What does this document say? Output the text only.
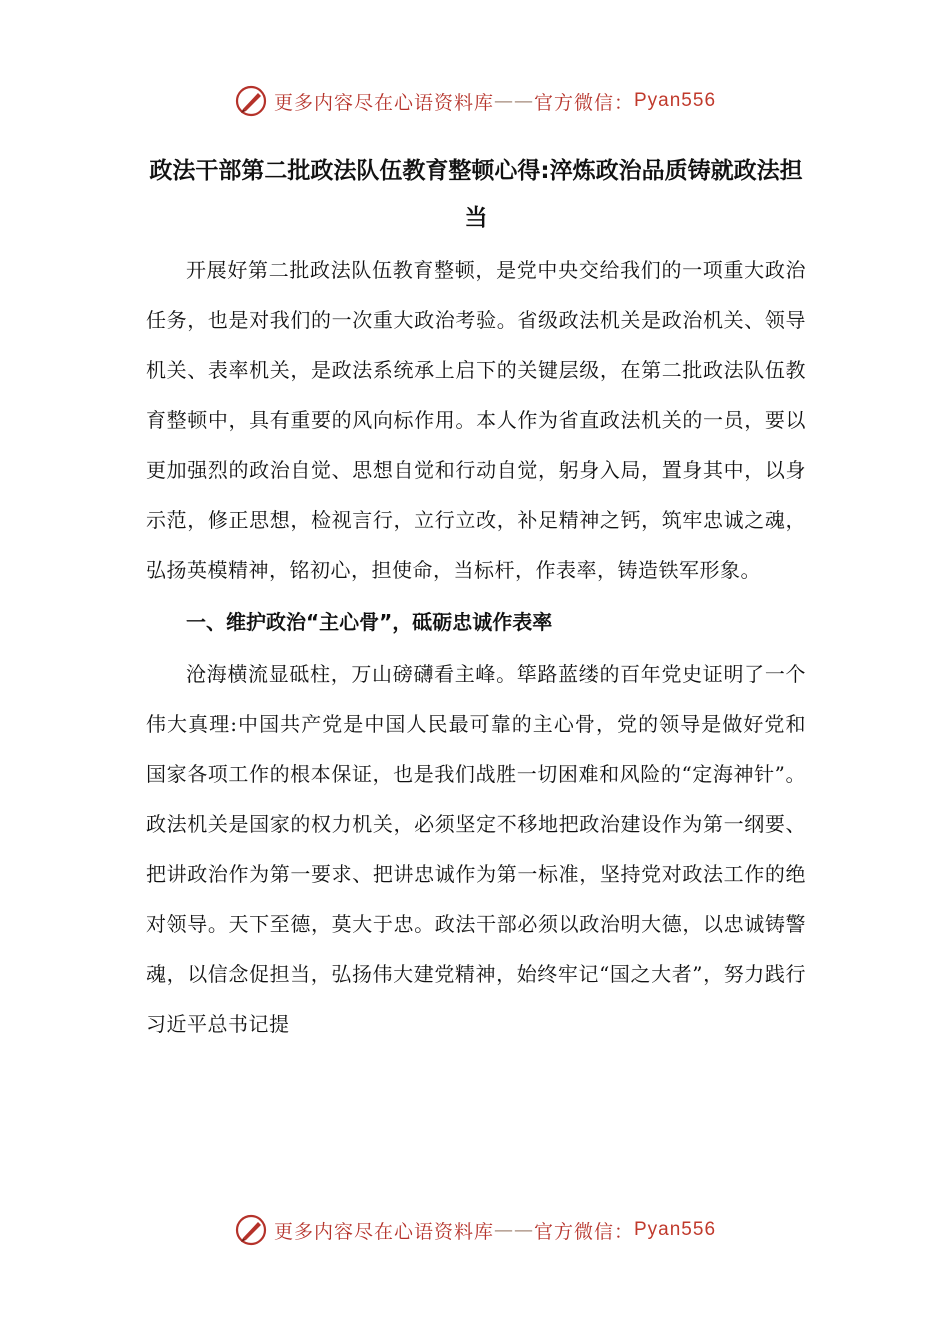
更多内容尽在心语资料库 —— 官方微信： Pyan556
政法干部第二批政法队伍教育整顿心得:淬炼政治品质铸就政法担当

开展好第二批政法队伍教育整顿，是党中央交给我们的一项重大政治任务，也是对我们的一次重大政治考验。省级政法机关是政治机关、领导机关、表率机关，是政法系统承上启下的关键层级，在第二批政法队伍教育整顿中，具有重要的风向标作用。本人作为省直政法机关的一员，要以更加强烈的政治自觉、思想自觉和行动自觉，躬身入局，置身其中，以身示范，修正思想，检视言行，立行立改，补足精神之钙，筑牢忠诚之魂，弘扬英模精神，铭初心，担使命，当标杆，作表率，铸造铁军形象。

一、维护政治“主心骨”，砥砺忠诚作表率

沧海横流显砥柱，万山磅礴看主峰。筚路蓝缕的百年党史证明了一个伟大真理:中国共产党是中国人民最可靠的主心骨，党的领导是做好党和国家各项工作的根本保证，也是我们战胜一切困难和风险的“定海神针”。政法机关是国家的权力机关，必须坚定不移地把政治建设作为第一纲要、把讲政治作为第一要求、把讲忠诚作为第一标准，坚持党对政法工作的绝对领导。天下至德，莫大于忠。政法干部必须以政治明大德，以忠诚铸警魂，以信念促担当，弘扬伟大建党精神，始终牢记“国之大者”，努力践行习近平总书记提

更多内容尽在心语资料库 —— 官方微信： Pyan556
